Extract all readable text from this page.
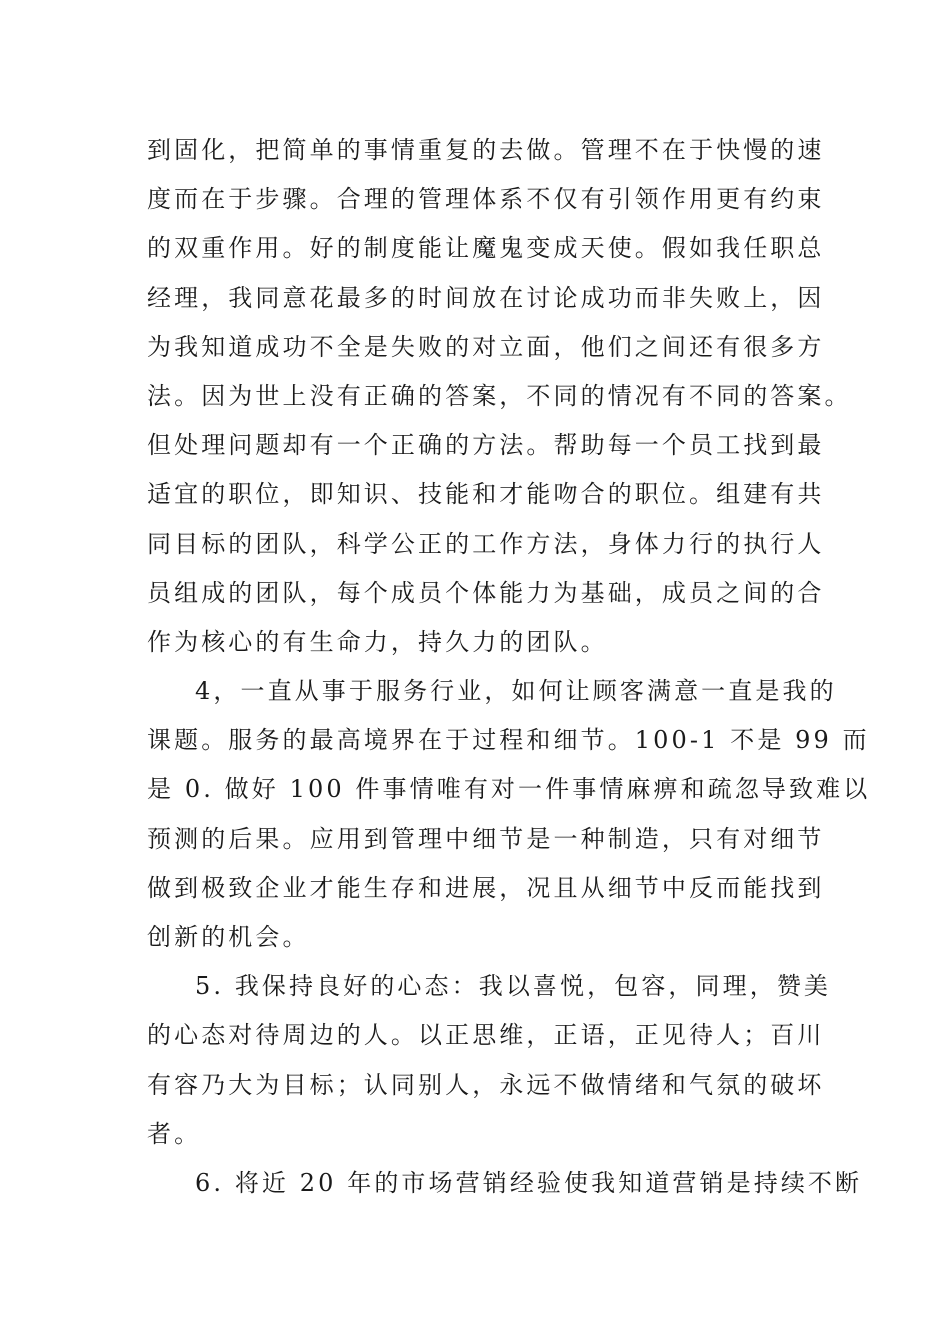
到固化，把简单的事情重复的去做。管理不在于快慢的速
度而在于步骤。合理的管理体系不仅有引领作用更有约束
的双重作用。好的制度能让魔鬼变成天使。假如我任职总
经理，我同意花最多的时间放在讨论成功而非失败上，因
为我知道成功不全是失败的对立面，他们之间还有很多方
法。因为世上没有正确的答案，不同的情况有不同的答案。
但处理问题却有一个正确的方法。帮助每一个员工找到最
适宜的职位，即知识、技能和才能吻合的职位。组建有共
同目标的团队，科学公正的工作方法，身体力行的执行人
员组成的团队，每个成员个体能力为基础，成员之间的合
作为核心的有生命力，持久力的团队。
4，一直从事于服务行业，如何让顾客满意一直是我的
课题。服务的最高境界在于过程和细节。100-1 不是 99 而
是 0. 做好 100 件事情唯有对一件事情麻痹和疏忽导致难以
预测的后果。应用到管理中细节是一种制造，只有对细节
做到极致企业才能生存和进展，况且从细节中反而能找到
创新的机会。
5. 我保持良好的心态：我以喜悦，包容，同理，赞美
的心态对待周边的人。以正思维，正语，正见待人；百川
有容乃大为目标；认同别人，永远不做情绪和气氛的破坏
者。
6. 将近 20 年的市场营销经验使我知道营销是持续不断
